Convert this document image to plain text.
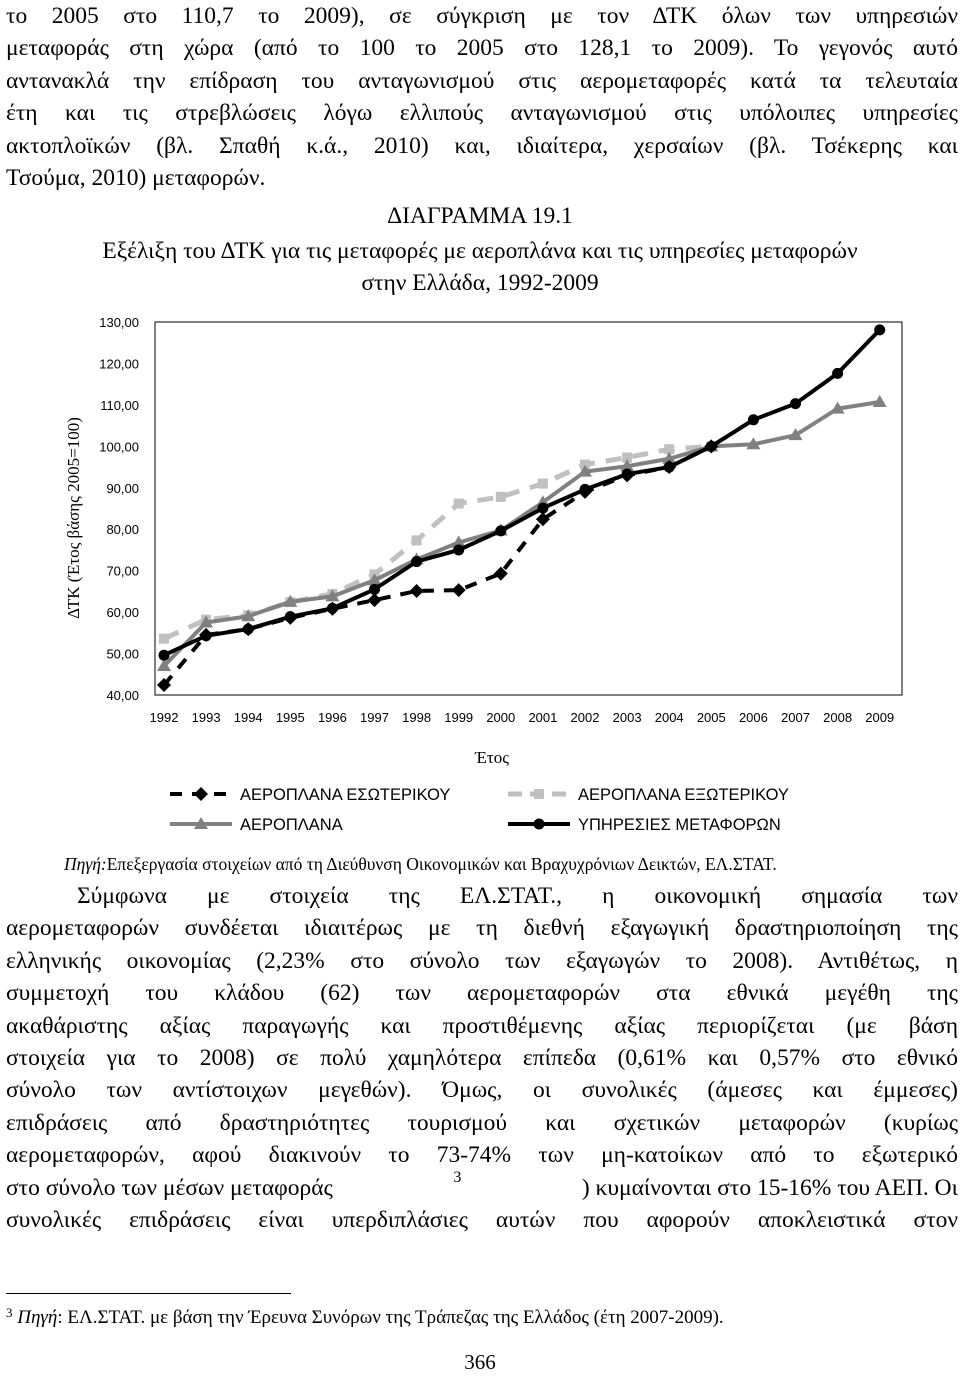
το 2005 στο 110,7 το 2009), σε σύγκριση με τον ΔΤΚ όλων των υπηρεσιών
μεταφοράς στη χώρα (από το 100 το 2005 στο 128,1 το 2009). Το γεγονός αυτό
αντανακλά την επίδραση του ανταγωνισμού στις αερομεταφορές κατά τα τελευταία
έτη και τις στρεβλώσεις λόγω ελλιπούς ανταγωνισμού στις υπόλοιπες υπηρεσίες
ακτοπλοϊκών (βλ. Σπαθή κ.ά., 2010) και, ιδιαίτερα, χερσαίων (βλ. Τσέκερης και
Τσούμα, 2010) μεταφορών.
ΔΙΑΓΡΑΜΜΑ 19.1
Εξέλιξη του ΔΤΚ για τις μεταφορές με αεροπλάνα και τις υπηρεσίες μεταφορών
στην Ελλάδα, 1992-2009
40,00
50,00
60,00
70,00
80,00
90,00
100,00
110,00
120,00
130,00
1992 1993 1994 1995 1996 1997 1998 1999 2000 2001 2002 2003 2004 2005 2006 2007 2008 2009
ΔΤΚ (Έτος βάσης 2005=100)
Έτος
ΑΕΡΟΠΛΑΝΑ ΕΣΩΤΕΡΙΚΟΥ	ΑΕΡΟΠΛΑΝΑ ΕΞΩΤΕΡΙΚΟΥ
ΑΕΡΟΠΛΑΝΑ	ΥΠΗΡΕΣΙΕΣ ΜΕΤΑΦΟΡΩΝ
Πηγή:Επεξεργασία στοιχείων από τη Διεύθυνση Οικονομικών και Βραχυχρόνιων Δεικτών, ΕΛ.ΣΤΑΤ.
Σύμφωνα με στοιχεία της ΕΛ.ΣΤΑΤ., η οικονομική σημασία των
αερομεταφορών συνδέεται ιδιαιτέρως με τη διεθνή εξαγωγική δραστηριοποίηση της
ελληνικής οικονομίας (2,23% στο σύνολο των εξαγωγών το 2008). Αντιθέτως, η
συμμετοχή του κλάδου (62) των αερομεταφορών στα εθνικά μεγέθη της
ακαθάριστης αξίας παραγωγής και προστιθέμενης αξίας περιορίζεται (με βάση
στοιχεία για το 2008) σε πολύ χαμηλότερα επίπεδα (0,61% και 0,57% στο εθνικό
σύνολο των αντίστοιχων μεγεθών). Όμως, οι συνολικές (άμεσες και έμμεσες)
επιδράσεις από δραστηριότητες τουρισμού και σχετικών μεταφορών (κυρίως
αερομεταφορών, αφού διακινούν το 73-74% των μη-κατοίκων από το εξωτερικό
στο σύνολο των μέσων μεταφοράς	3	) κυμαίνονται στο 15-16% του ΑΕΠ. Οι
συνολικές επιδράσεις είναι υπερδιπλάσιες αυτών που αφορούν αποκλειστικά στον
$^3$ Πηγή: ΕΛ.ΣΤΑΤ. με βάση την Έρευνα Συνόρων της Τράπεζας της Ελλάδος (έτη 2007-2009).
366
